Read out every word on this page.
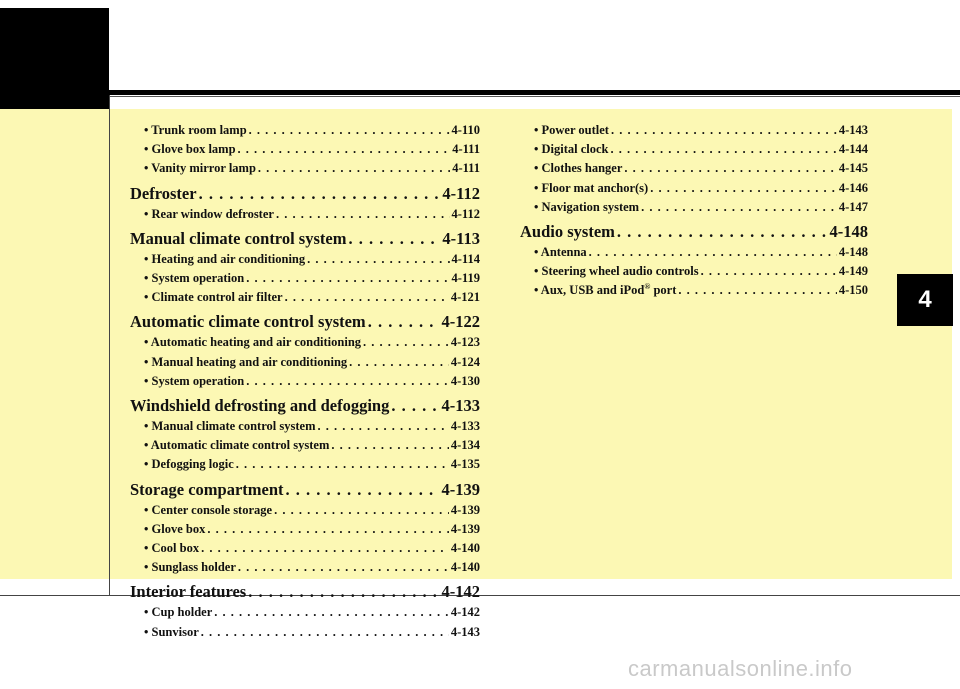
4
• Trunk room lamp . . .	4-110
• Glove box lamp . . .	4-111
• Vanity mirror lamp . . .	4-111
Defroster . . .	4-112
• Rear window defroster . . .	4-112
Manual climate control system . . .	4-113
• Heating and air conditioning . . .	4-114
• System operation . . .	4-119
• Climate control air filter . . .	4-121
Automatic climate control system . . .	4-122
• Automatic heating and air conditioning . . .	4-123
• Manual heating and air conditioning . . .	4-124
• System operation . . .	4-130
Windshield defrosting and defogging . . .	4-133
• Manual climate control system . . .	4-133
• Automatic climate control system . . .	4-134
• Defogging logic . . .	4-135
Storage compartment . . .	4-139
• Center console storage . . .	4-139
• Glove box . . .	4-139
• Cool box . . .	4-140
• Sunglass holder . . .	4-140
Interior features . . .	4-142
• Cup holder . . .	4-142
• Sunvisor . . .	4-143
• Power outlet . . .	4-143
• Digital clock . . .	4-144
• Clothes hanger . . .	4-145
• Floor mat anchor(s) . . .	4-146
• Navigation system . . .	4-147
Audio system . . .	4-148
• Antenna . . .	4-148
• Steering wheel audio controls . . .	4-149
• Aux, USB and iPod® port . . .	4-150
carmanualsonline.info
